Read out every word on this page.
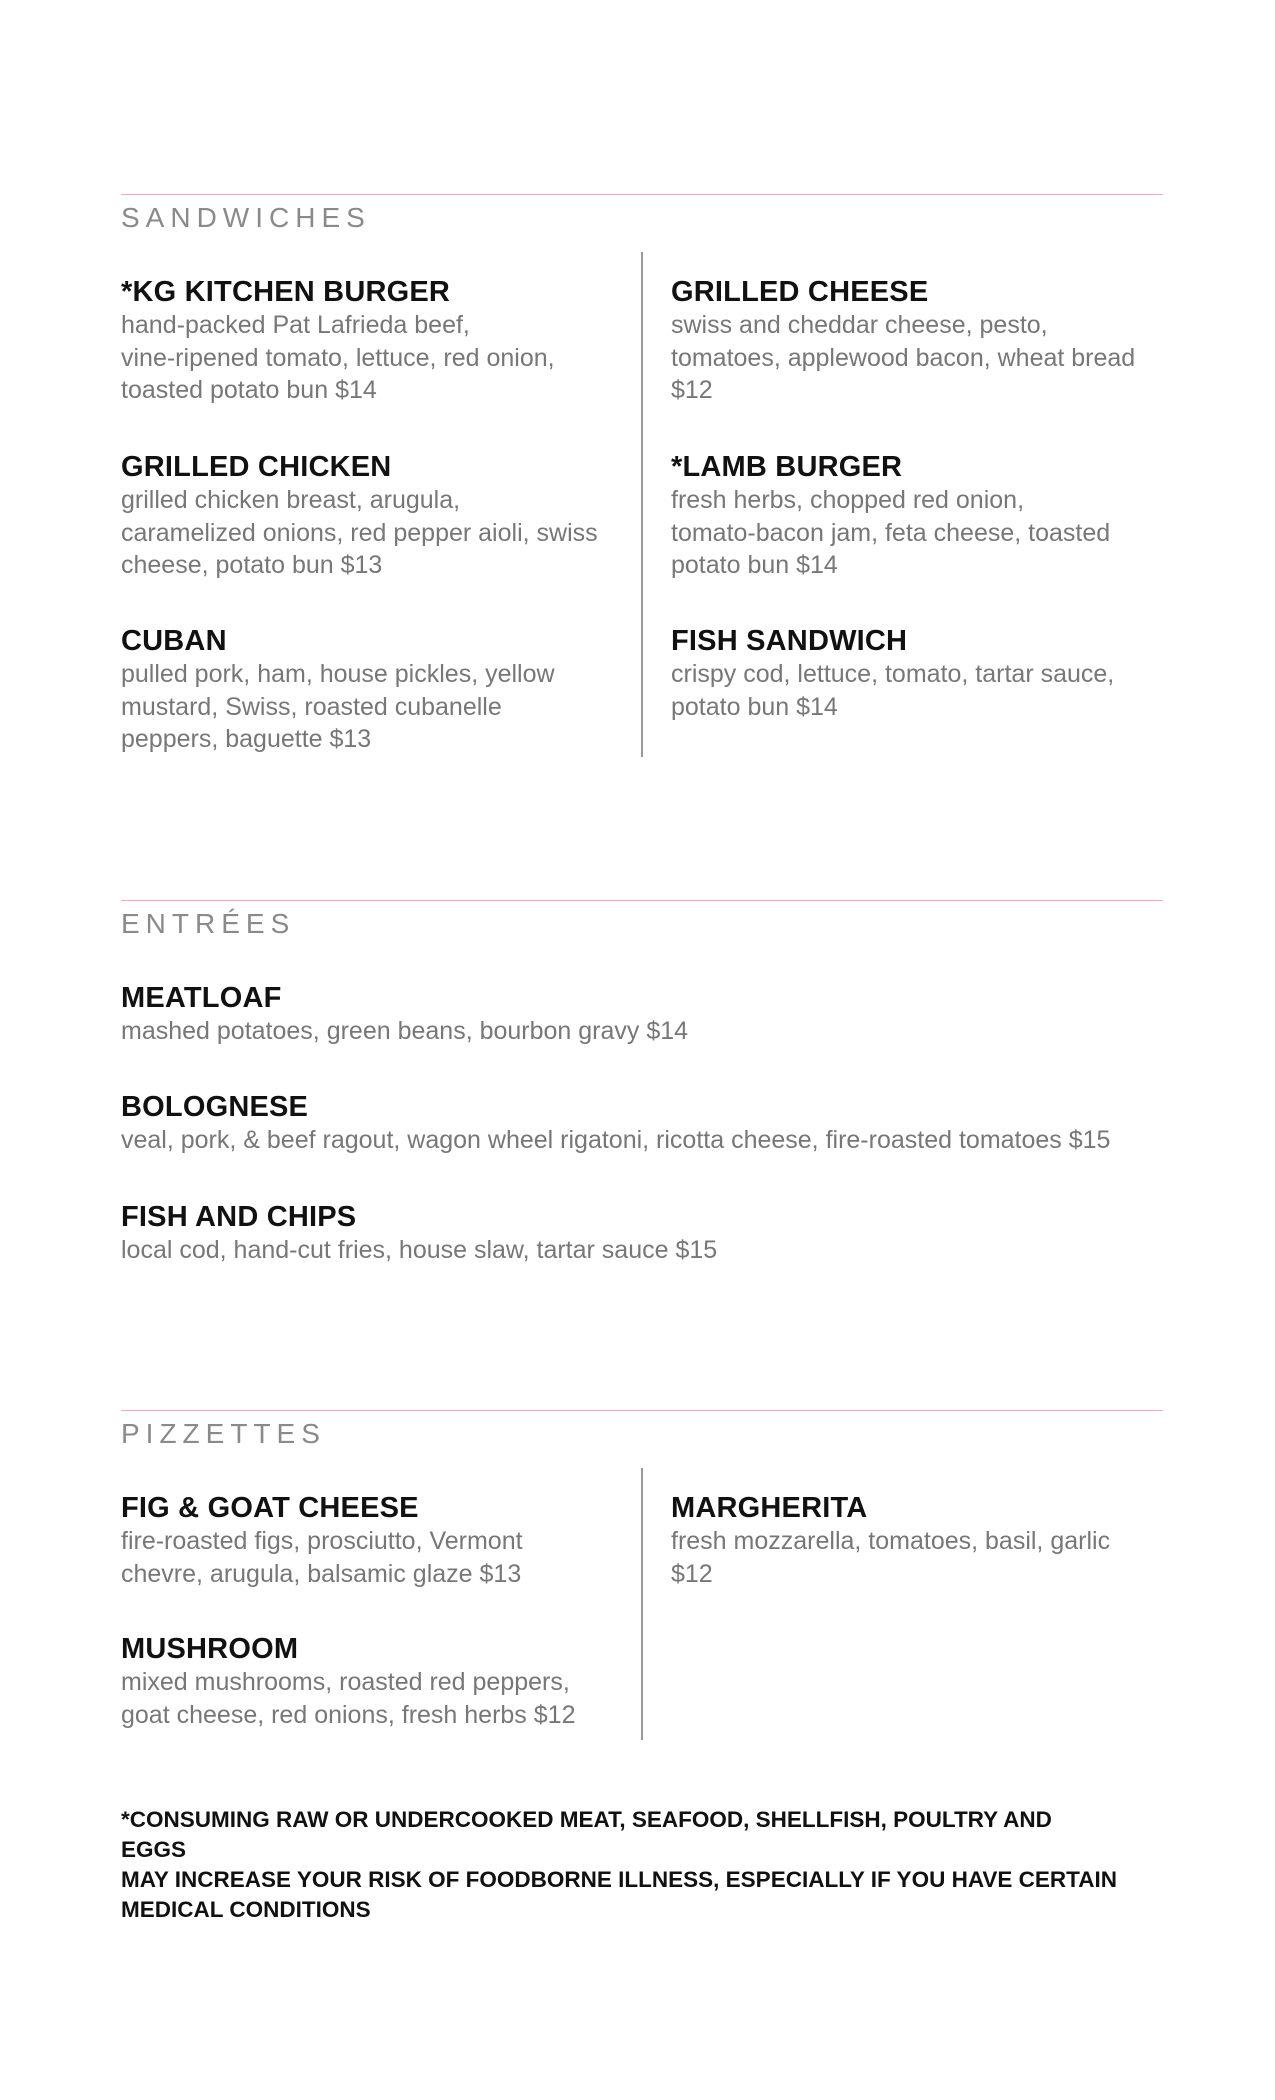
SANDWICHES
*KG KITCHEN BURGER
hand-packed Pat Lafrieda beef,
vine-ripened tomato, lettuce, red onion,
toasted potato bun $14
GRILLED CHICKEN
grilled chicken breast, arugula,
caramelized onions, red pepper aioli, swiss
cheese, potato bun $13
CUBAN
pulled pork, ham, house pickles, yellow
mustard, Swiss, roasted cubanelle
peppers, baguette $13
GRILLED CHEESE
swiss and cheddar cheese, pesto,
tomatoes, applewood bacon, wheat bread
$12
*LAMB BURGER
fresh herbs, chopped red onion,
tomato-bacon jam, feta cheese, toasted
potato bun $14
FISH SANDWICH
crispy cod, lettuce, tomato, tartar sauce,
potato bun $14
ENTRÉES
MEATLOAF
mashed potatoes, green beans, bourbon gravy $14
BOLOGNESE
veal, pork, & beef ragout, wagon wheel rigatoni, ricotta cheese, fire-roasted tomatoes $15
FISH AND CHIPS
local cod, hand-cut fries, house slaw, tartar sauce $15
PIZZETTES
FIG & GOAT CHEESE
fire-roasted figs, prosciutto, Vermont
chevre, arugula, balsamic glaze $13
MUSHROOM
mixed mushrooms, roasted red peppers,
goat cheese, red onions, fresh herbs $12
MARGHERITA
fresh mozzarella, tomatoes, basil, garlic
$12
*CONSUMING RAW OR UNDERCOOKED MEAT, SEAFOOD, SHELLFISH, POULTRY AND EGGS
MAY INCREASE YOUR RISK OF FOODBORNE ILLNESS, ESPECIALLY IF YOU HAVE CERTAIN
MEDICAL CONDITIONS
